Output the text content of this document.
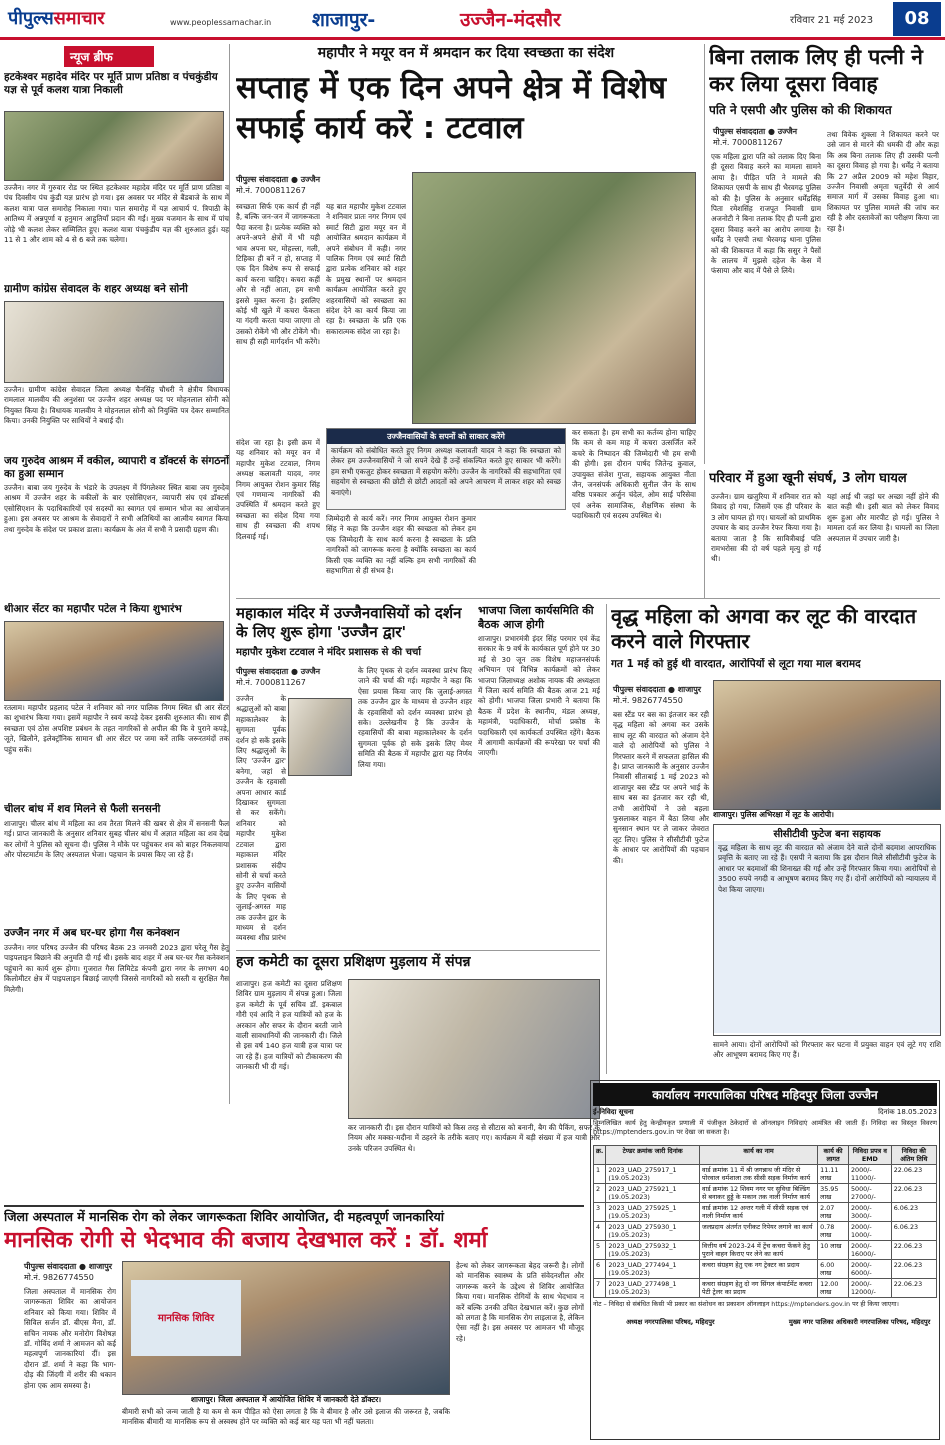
पीपुल्ससमाचार	www.peoplessamachar.in शाजापुर-	उज्जैन-मंदसौर	रविवार 21 मई 2023	08
न्यूज ब्रीफ
हटकेश्वर महादेव मंदिर पर मूर्ति प्राण प्रतिष्ठा व पंचकुंडीय यज्ञ से पूर्व कलश यात्रा निकाली
उज्जैन। नगर में गुरुवार रोड पर स्थित हटकेश्वर महादेव मंदिर पर मूर्ति प्राण प्रतिष्ठा व पंच दिवसीय पंच कुंडी यज्ञ प्रारंभ हो गया। इस अवसर पर मंदिर से बैंडबाजे के साथ में कलश यात्रा पाल समारोह निकाला गया। पाल समारोह में यज्ञ आचार्य पं. त्रिपाठी के आतिथ्य में अन्नपूर्णा व हनुमान आहुतियाँ प्रदान की गईं। मुख्य यजमान के साथ में पांच जोड़े भी कलश लेकर सम्मिलित हुए। कलश यात्रा पंचकुंडीय यज्ञ की शुरुआत हुई। यह 11 से 1 और शाम को 4 से 6 बजे तक चलेगा।
ग्रामीण कांग्रेस सेवादल के शहर अध्यक्ष बने सोनी
उज्जैन। ग्रामीण कांग्रेस सेवादल जिला अध्यक्ष चैनसिंह चौधरी ने क्षेत्रीय विधायक रामलाल मालवीय की अनुशंसा पर उज्जैन शहर अध्यक्ष पद पर मोहनलाल सोनी को नियुक्त किया है। विधायक मालवीय ने मोहनलाल सोनी को नियुक्ति पत्र देकर सम्मानित किया। उनकी नियुक्ति पर साथियों ने बधाई दी।
जय गुरुदेव आश्रम में वकील, व्यापारी व डॉक्टर्स के संगठनों का हुआ सम्मान
उज्जैन। बाबा जय गुरुदेव के भंडारे के उपलक्ष्य में पिंगलेश्वर स्थित बाबा जय गुरुदेव आश्रम में उज्जैन शहर के वकीलों के बार एसोसिएशन, व्यापारी संघ एवं डॉक्टर्स एसोसिएशन के पदाधिकारियों एवं सदस्यों का स्वागत एवं सम्मान भोज का आयोजन हुआ। इस अवसर पर आश्रम के सेवादारों ने सभी अतिथियों का आत्मीय स्वागत किया तथा गुरुदेव के संदेश पर प्रकाश डाला। कार्यक्रम के अंत में सभी ने प्रसादी ग्रहण की।
थीआर सेंटर का महापौर पटेल ने किया शुभारंभ
रतलाम। महापौर प्रहलाद पटेल ने शनिवार को नगर पालिक निगम स्थित थ्री आर सेंटर का शुभारंभ किया गया। इसमें महापौर ने स्वयं कपड़े देकर इसकी शुरुआत की। साथ ही स्वच्छता एवं ठोस अपशिष्ट प्रबंधन के तहत नागरिकों से अपील की कि वे पुराने कपड़े, जूते, खिलौने, इलेक्ट्रॉनिक सामान थ्री आर सेंटर पर जमा करें ताकि जरूरतमंदों तक पहुंच सकें।
चीलर बांध में शव मिलने से फैली सनसनी
शाजापुर। चीलर बांध में महिला का शव तैरता मिलने की खबर से क्षेत्र में सनसनी फैल गई। प्राप्त जानकारी के अनुसार शनिवार सुबह चीलर बांध में अज्ञात महिला का शव देख कर लोगों ने पुलिस को सूचना दी। पुलिस ने मौके पर पहुंचकर शव को बाहर निकलवाया और पोस्टमार्टम के लिए अस्पताल भेजा। पहचान के प्रयास किए जा रहे हैं।
उज्जैन नगर में अब घर-घर होगा गैस कनेक्शन
उज्जैन। नगर परिषद उज्जैन की परिषद बैठक 23 जनवरी 2023 द्वारा घरेलू गैस हेतु पाइपलाइन बिछाने की अनुमति दी गई थी। इसके बाद शहर में अब घर-घर गैस कनेक्शन पहुंचाने का कार्य शुरू होगा। गुजरात गैस लिमिटेड कंपनी द्वारा नगर के लगभग 40 किलोमीटर क्षेत्र में पाइपलाइन बिछाई जाएगी जिससे नागरिकों को सस्ती व सुरक्षित गैस मिलेगी।
महापौर ने मयूर वन में श्रमदान कर दिया स्वच्छता का संदेश
सप्ताह में एक दिन अपने क्षेत्र में विशेष सफाई कार्य करें : टटवाल
पीपुल्स संवाददाता ● उज्जैन
मो.नं. 7000811267
स्वच्छता सिर्फ एक कार्य ही नहीं है, बल्कि जन-जन में जागरूकता पैदा करना है। प्रत्येक व्यक्ति को अपने-अपने क्षेत्रों में भी यही भाव अपना घर, मोहल्ला, गली, टिहिका ही बनें न हो, सप्ताह में एक दिन विशेष रूप से सफाई कार्य करना चाहिए। कचरा कहीं और से नहीं आता, हम सभी इससे मुक्त करना है। इसलिए कोई भी खुले में कचरा फेंकता या गंदगी करता पाया जाएगा तो उसको रोकेंगे भी और टोकेंगे भी। साथ ही सही मार्गदर्शन भी करेंगे।
यह बात महापौर मुकेश टटवाल ने शनिवार प्रातः नगर निगम एवं स्मार्ट सिटी द्वारा मयूर वन में आयोजित श्रमदान कार्यक्रम में अपने संबोधन में कही। नगर पालिक निगम एवं स्मार्ट सिटी द्वारा प्रत्येक शनिवार को शहर के प्रमुख स्थानों पर श्रमदान कार्यक्रम आयोजित करते हुए शहरवासियों को स्वच्छता का संदेश देने का कार्य किया जा रहा है। स्वच्छता के प्रति एक सकारात्मक संदेश जा रहा है।
उज्जैनवासियों के सपनों को साकार करेंगे
कार्यक्रम को संबोधित करते हुए निगम अध्यक्ष कलावती यादव ने कहा कि स्वच्छता को लेकर हम उज्जैनवासियों ने जो सपने देखे हैं उन्हें संकल्पित करते हुए साकार भी करेंगे। हम सभी एकजुट होकर स्वच्छता में सहयोग करेंगे। उज्जैन के नागरिकों की सहभागिता एवं सहयोग से स्वच्छता की छोटी से छोटी आदतों को अपने आचरण में लाकर शहर को स्वच्छ बनाएंगे।
संदेश जा रहा है। इसी क्रम में यह शनिवार को मयूर वन में महापौर मुकेश टटवाल, निगम अध्यक्ष कलावती यादव, नगर निगम आयुक्त रोशन कुमार सिंह एवं गणमान्य नागरिकों की उपस्थिति में श्रमदान करते हुए स्वच्छता का संदेश दिया गया साथ ही स्वच्छता की शपथ दिलवाई गई।
जिम्मेदारी से कार्य करें। नगर निगम आयुक्त रोशन कुमार सिंह ने कहा कि उज्जैन शहर की स्वच्छता को लेकर हम एक जिम्मेदारी के साथ कार्य करना है स्वच्छता के प्रति नागरिकों को जागरूक करना है क्योंकि स्वच्छता का कार्य किसी एक व्यक्ति का नहीं बल्कि हम सभी नागरिकों की सहभागिता से ही संभव है।
कर सकता है। हम सभी का कर्तव्य होना चाहिए कि कम से कम माह में कचरा उत्सर्जित करें कचरे के निष्पादन की जिम्मेदारी भी हम सभी की होगी। इस दौरान पार्षद जितेन्द्र कुवाल, उपायुक्त संजेश गुप्ता, सहायक आयुक्त नीता जैन, जनसंपर्क अधिकारी सुनील जैन के साथ वरिष्ठ पत्रकार अर्जुन चंदेल, ओम साई परिसेवा एवं अनेक सामाजिक, शैक्षणिक संस्था के पदाधिकारी एवं सदस्य उपस्थित थे।
बिना तलाक लिए ही पत्नी ने कर लिया दूसरा विवाह
पति ने एसपी और पुलिस को की शिकायत
पीपुल्स संवाददाता ● उज्जैन
मो.नं. 7000811267
एक महिला द्वारा पति को तलाक दिए बिना ही दूसरा विवाह करने का मामला सामने आया है। पीड़ित पति ने मामले की शिकायत एसपी के साथ ही भैरवगढ़ पुलिस को की है। पुलिस के अनुसार धर्मेंद्रसिंह पिता रमेशसिंह राजपूत निवासी ग्राम अजनोटी ने बिना तलाक दिए ही पत्नी द्वारा दूसरा विवाह करने का आरोप लगाया है। धर्मेंद्र ने एसपी तथा भैरवगढ़ थाना पुलिस को की शिकायत में कहा कि ससुर ने पैसों के लालच में मुझसे दहेज के केस में फंसाया और बाद में पैसे ले लिये।
तथा विवेक शुक्ला ने शिकायत करने पर उसे जान से मारने की धमकी दी और कहा कि अब बिना तलाक लिए ही उसकी पत्नी का दूसरा विवाह हो गया है। धर्मेंद्र ने बताया कि 27 अप्रैल 2009 को महेश विहार, उज्जैन निवासी अमृता चतुर्वेदी से आर्य समाज मार्ग में उसका विवाह हुआ था। शिकायत पर पुलिस मामले की जांच कर रही है और दस्तावेजों का परीक्षण किया जा रहा है।
परिवार में हुआ खूनी संघर्ष, 3 लोग घायल
उज्जैन। ग्राम खजुरिया में शनिवार रात को विवाद हो गया, जिसमें एक ही परिवार के 3 लोग घायल हो गए। घायलों को प्राथमिक उपचार के बाद उज्जैन रेफर किया गया है। बताया जाता है कि सावित्रीबाई पति रामभरोसा की दो वर्ष पहले मृत्यु हो गई थी।
यहां आई थी जहां घर अच्छा नहीं होने की बात कही थी। इसी बात को लेकर विवाद शुरू हुआ और मारपीट हो गई। पुलिस ने मामला दर्ज कर लिया है। घायलों का जिला अस्पताल में उपचार जारी है।
महाकाल मंदिर में उज्जैनवासियों को दर्शन के लिए शुरू होगा 'उज्जैन द्वार'
महापौर मुकेश टटवाल ने मंदिर प्रशासक से की चर्चा
पीपुल्स संवाददाता ● उज्जैन
मो.नं. 7000811267
उज्जैन के श्रद्धालुओं को बाबा महाकालेश्वर के सुगमता पूर्वक दर्शन हो सकें इसके लिए श्रद्धालुओं के लिए 'उज्जैन द्वार' बनेगा, जहां से उज्जैन के रहवासी अपना आधार कार्ड दिखाकर सुगमता से कर सकेंगे। शनिवार को महापौर मुकेश टटवाल द्वारा महाकाल मंदिर प्रशासक संदीप सोनी से चर्चा करते हुए उज्जैन वासियों के लिए पृथक से जुलाई-अगस्त माह तक उज्जैन द्वार के माध्यम से दर्शन व्यवस्था शीघ्र प्रारंभ
के लिए पृथक से दर्शन व्यवस्था प्रारंभ किए जाने की चर्चा की गई। महापौर ने कहा कि ऐसा प्रयास किया जाए कि जुलाई-अगस्त तक उज्जैन द्वार के माध्यम से उज्जैन शहर के रहवासियों को दर्शन व्यवस्था प्रारंभ हो सके। उल्लेखनीय है कि उज्जैन के रहवासियों की बाबा महाकालेश्वर के दर्शन सुगमता पूर्वक हो सके इसके लिए मेयर समिति की बैठक में महापौर द्वारा यह निर्णय लिया गया।
भाजपा जिला कार्यसमिति की बैठक आज होगी
शाजापुर। प्रभारमंत्री इंदर सिंह परमार एवं केंद्र सरकार के 9 वर्ष के कार्यकाल पूर्ण होने पर 30 मई से 30 जून तक विशेष महाजनसंपर्क अभियान एवं विभिन्न कार्यक्रमों को लेकर भाजपा जिलाध्यक्ष अशोक नायक की अध्यक्षता में जिला कार्य समिति की बैठक आज 21 मई को होगी। भाजपा जिला प्रभारी ने बताया कि बैठक में प्रदेश के स्थानीय, मंडल अध्यक्ष, महामंत्री, पदाधिकारी, मोर्चा प्रकोष्ठ के पदाधिकारी एवं कार्यकर्ता उपस्थित रहेंगे। बैठक में आगामी कार्यक्रमों की रूपरेखा पर चर्चा की जाएगी।
वृद्ध महिला को अगवा कर लूट की वारदात करने वाले गिरफ्तार
गत 1 मई को हुई थी वारदात, आरोपियों से लूटा गया माल बरामद
पीपुल्स संवाददाता ● शाजापुर
मो.नं. 9826774550
बस स्टैंड पर बस का इंतजार कर रही वृद्ध महिला को अगवा कर उसके साथ लूट की वारदात को अंजाम देने वाले दो आरोपियों को पुलिस ने गिरफ्तार करने में सफलता हासिल की है। प्राप्त जानकारी के अनुसार उज्जैन निवासी सीताबाई 1 मई 2023 को शाजापुर बस स्टैंड पर अपने भाई के साथ बस का इंतजार कर रही थी, तभी आरोपियों ने उसे बहला फुसलाकर वाहन में बैठा लिया और सुनसान स्थान पर ले जाकर जेवरात लूट लिए। पुलिस ने सीसीटीवी फुटेज के आधार पर आरोपियों की पहचान की।
शाजापुर। पुलिस अभिरक्षा में लूट के आरोपी।
सीसीटीवी फुटेज बना सहायक
वृद्ध महिला के साथ लूट की वारदात को अंजाम देने वाले दोनों बदमाश आपराधिक प्रवृत्ति के बताए जा रहे हैं। एसपी ने बताया कि इस दौरान मिले सीसीटीवी फुटेज के आधार पर बदमाशों की शिनाख्त की गई और उन्हें गिरफ्तार किया गया। आरोपियों से 3500 रुपये नगदी व आभूषण बरामद किए गए हैं। दोनों आरोपियों को न्यायालय में पेश किया जाएगा।
सामने आया। दोनों आरोपियों को गिरफ्तार कर घटना में प्रयुक्त वाहन एवं लूटे गए राशि और आभूषण बरामद किए गए हैं।
हज कमेटी का दूसरा प्रशिक्षण मुड़लाय में संपन्न
शाजापुर। हज कमेटी का दूसरा प्रशिक्षण शिविर ग्राम मुड़लाय में संपन्न हुआ। जिला हज कमेटी के पूर्व सचिव डॉ. इकबाल गौरी एवं आदि ने हज यात्रियों को हज के अरकान और सफर के दौरान बरती जाने वाली सावधानियों की जानकारी दी। जिले से इस वर्ष 140 हज यात्री हज यात्रा पर जा रहे हैं। हज यात्रियों को टीकाकरण की जानकारी भी दी गई।
कर जानकारी दी। इस दौरान यात्रियों को किस तरह से सीटास को बनानी, बैग की पैकिंग, सफर के नियम और मक्का-मदीना में ठहरने के तरीके बताए गए। कार्यक्रम में बड़ी संख्या में हज यात्री और उनके परिजन उपस्थित थे।
कार्यालय नगरपालिका परिषद महिदपुर जिला उज्जैन
ई-निविदा सूचना	दिनांक 18.05.2023
निम्नलिखित कार्य हेतु केन्द्रीयकृत प्रणाली में पंजीकृत ठेकेदारों से ऑनलाइन निविदाएं आमंत्रित की जाती हैं। निविदा का विस्तृत विवरण https://mptenders.gov.in पर देखा जा सकता है।
क्र.	टेण्डर क्रमांक जारी दिनांक	कार्य का नाम	कार्य की लागत	निविदा प्रपत्र व EMD	निविदा की अंतिम तिथि
1	2023_UAD_275917_1 (19.05.2023)	वार्ड क्रमांक 11 में श्री जगन्नाथ जी मंदिर से पोरवाल धर्मशाला तक सीसी सड़क निर्माण कार्य	11.11 लाख	2000/- 11000/-	22.06.23
2	2023_UAD_275921_1 (19.05.2023)	वार्ड क्रमांक 12 शिवम नगर पर सुविधा बिल्डिंग से बनाकर हुड्डे के मकान तक नाली निर्माण कार्य	35.95 लाख	5000/- 27000/-	22.06.23
3	2023_UAD_275925_1 (19.05.2023)	वार्ड क्रमांक 12 अन्तर गली में सीसी सड़क एवं नाली निर्माण कार्य	2.07 लाख	2000/- 3000/-	6.06.23
4	2023_UAD_275930_1 (19.05.2023)	जलप्रदाय अंतर्गत एनीकट रिपेयर लगाने का कार्य	0.78 लाख	2000/- 1000/-	6.06.23
5	2023_UAD_275932_1 (19.05.2023)	वित्तीय वर्ष 2023-24 में ट्रेंच कचरा फेंकने हेतु पुराने वाहन किराए पर लेने का कार्य	10 लाख	2000/- 16000/-	22.06.23
6	2023_UAD_277494_1 (19.05.2023)	कचरा संग्रहण हेतु एक नग ट्रेक्टर का प्रदाय	6.00 लाख	2000/- 6000/-	22.06.23
7	2023_UAD_277498_1 (19.05.2023)	कचरा संग्रहण हेतु दो नग सिंगल कंपार्टमेंट कचरा पेटी ट्रेलर का प्रदाय	12.00 लाख	2000/- 12000/-	22.06.23
नोट – निविदा से संबंधित किसी भी प्रकार का संशोधन का प्रकाशन ऑनलाइन https://mptenders.gov.in पर ही किया जाएगा।
अध्यक्ष नगरपालिका परिषद, महिदपुर	मुख्य नगर पालिका अधिकारी नगरपालिका परिषद, महिदपुर
जिला अस्पताल में मानसिक रोग को लेकर जागरूकता शिविर आयोजित, दी महत्वपूर्ण जानकारियां
मानसिक रोगी से भेदभाव की बजाय देखभाल करें : डॉ. शर्मा
पीपुल्स संवाददाता ● शाजापुर
मो.नं. 9826774550
जिला अस्पताल में मानसिक रोग जागरूकता शिविर का आयोजन शनिवार को किया गया। शिविर में सिविल सर्जन डॉ. बीएस मैना, डॉ. सचिन नायक और मनोरोग विशेषज्ञ डॉ. गोविंद शर्मा ने आमजन को कई महत्वपूर्ण जानकारियां दीं। इस दौरान डॉ. शर्मा ने कहा कि भाग-दौड़ की जिंदगी में शरीर की थकान होना एक आम समस्या है।
मानसिक शिविर
शाजापुर। जिला अस्पताल में आयोजित शिविर में जानकारी देते डॉक्टर।
बीमारी सभी को जन्म जाती है या कम से कम पीड़ित को ऐसा लगता है कि वे बीमार है और उसे इलाज की जरूरत है, जबकि मानसिक बीमारी या मानसिक रूप से अस्वस्थ होने पर व्यक्ति को कई बार यह पता भी नहीं चलता।
हेल्थ को लेकर जागरूकता बेहद जरूरी है। लोगों को मानसिक स्वास्थ्य के प्रति संवेदनशील और जागरूक करने के उद्देश्य से शिविर आयोजित किया गया। मानसिक रोगियों के साथ भेदभाव न करें बल्कि उनकी उचित देखभाल करें। कुछ लोगों को लगता है कि मानसिक रोग लाइलाज है, लेकिन ऐसा नहीं है। इस अवसर पर आमजन भी मौजूद रहे।
